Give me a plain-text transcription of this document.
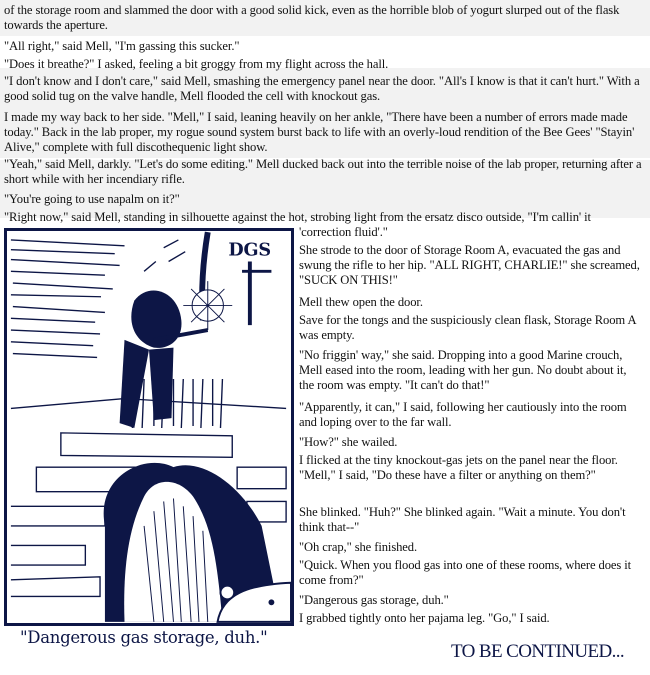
of the storage room and slammed the door with a good solid kick, even as the horrible blob of yogurt slurped out of the flask towards the aperture.

"All right," said Mell, "I'm gassing this sucker."

"Does it breathe?" I asked, feeling a bit groggy from my flight across the hall.

"I don't know and I don't care," said Mell, smashing the emergency panel near the door. "All's I know is that it can't hurt." With a good solid tug on the valve handle, Mell flooded the cell with knockout gas.

I made my way back to her side. "Mell," I said, leaning heavily on her ankle, "There have been a number of errors made made today." Back in the lab proper, my rogue sound system burst back to life with an overly-loud rendition of the Bee Gees' "Stayin' Alive," complete with full discothequenic light show.

"Yeah," said Mell, darkly. "Let's do some editing." Mell ducked back out into the terrible noise of the lab proper, returning after a short while with her incendiary rifle.

"You're going to use napalm on it?"

"Right now," said Mell, standing in silhouette against the hot, strobing light from the ersatz disco outside, "I'm callin' it

'correction fluid'."

She strode to the door of Storage Room A, evacuated the gas and swung the rifle to her hip. "ALL RIGHT, CHARLIE!" she screamed, "SUCK ON THIS!"

Mell thew open the door.

Save for the tongs and the suspiciously clean flask, Storage Room A was empty.

"No friggin' way," she said. Dropping into a good Marine crouch, Mell eased into the room, leading with her gun. No doubt about it, the room was empty. "It can't do that!"

"Apparently, it can," I said, following her cautiously into the room and loping over to the far wall.

"How?" she wailed.

I flicked at the tiny knockout-gas jets on the panel near the floor. "Mell," I said, "Do these have a filter or anything on them?"

She blinked. "Huh?" She blinked again. "Wait a minute. You don't think that--"

"Oh crap," she finished.

"Quick. When you flood gas into one of these rooms, where does it come from?"

"Dangerous gas storage, duh."

I grabbed tightly onto her pajama leg. "Go," I said.

DGS
"Dangerous gas storage, duh."
TO BE CONTINUED...
